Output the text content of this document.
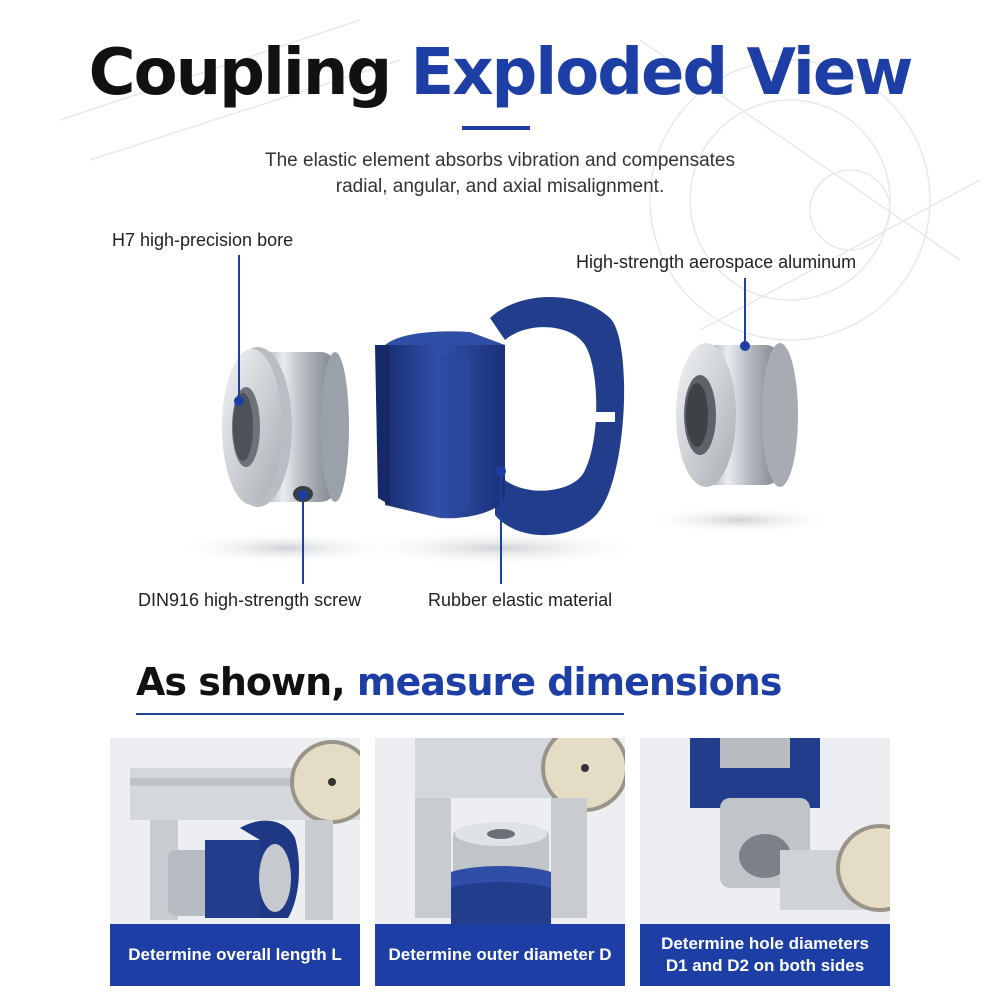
Coupling Exploded View
The elastic element absorbs vibration and compensates
radial, angular, and axial misalignment.
H7 high-precision bore
High-strength aerospace aluminum
DIN916 high-strength screw	Rubber elastic material
As shown, measure dimensions
Determine overall length L	Determine outer diameter D
Determine hole diameters
D1 and D2 on both sides
